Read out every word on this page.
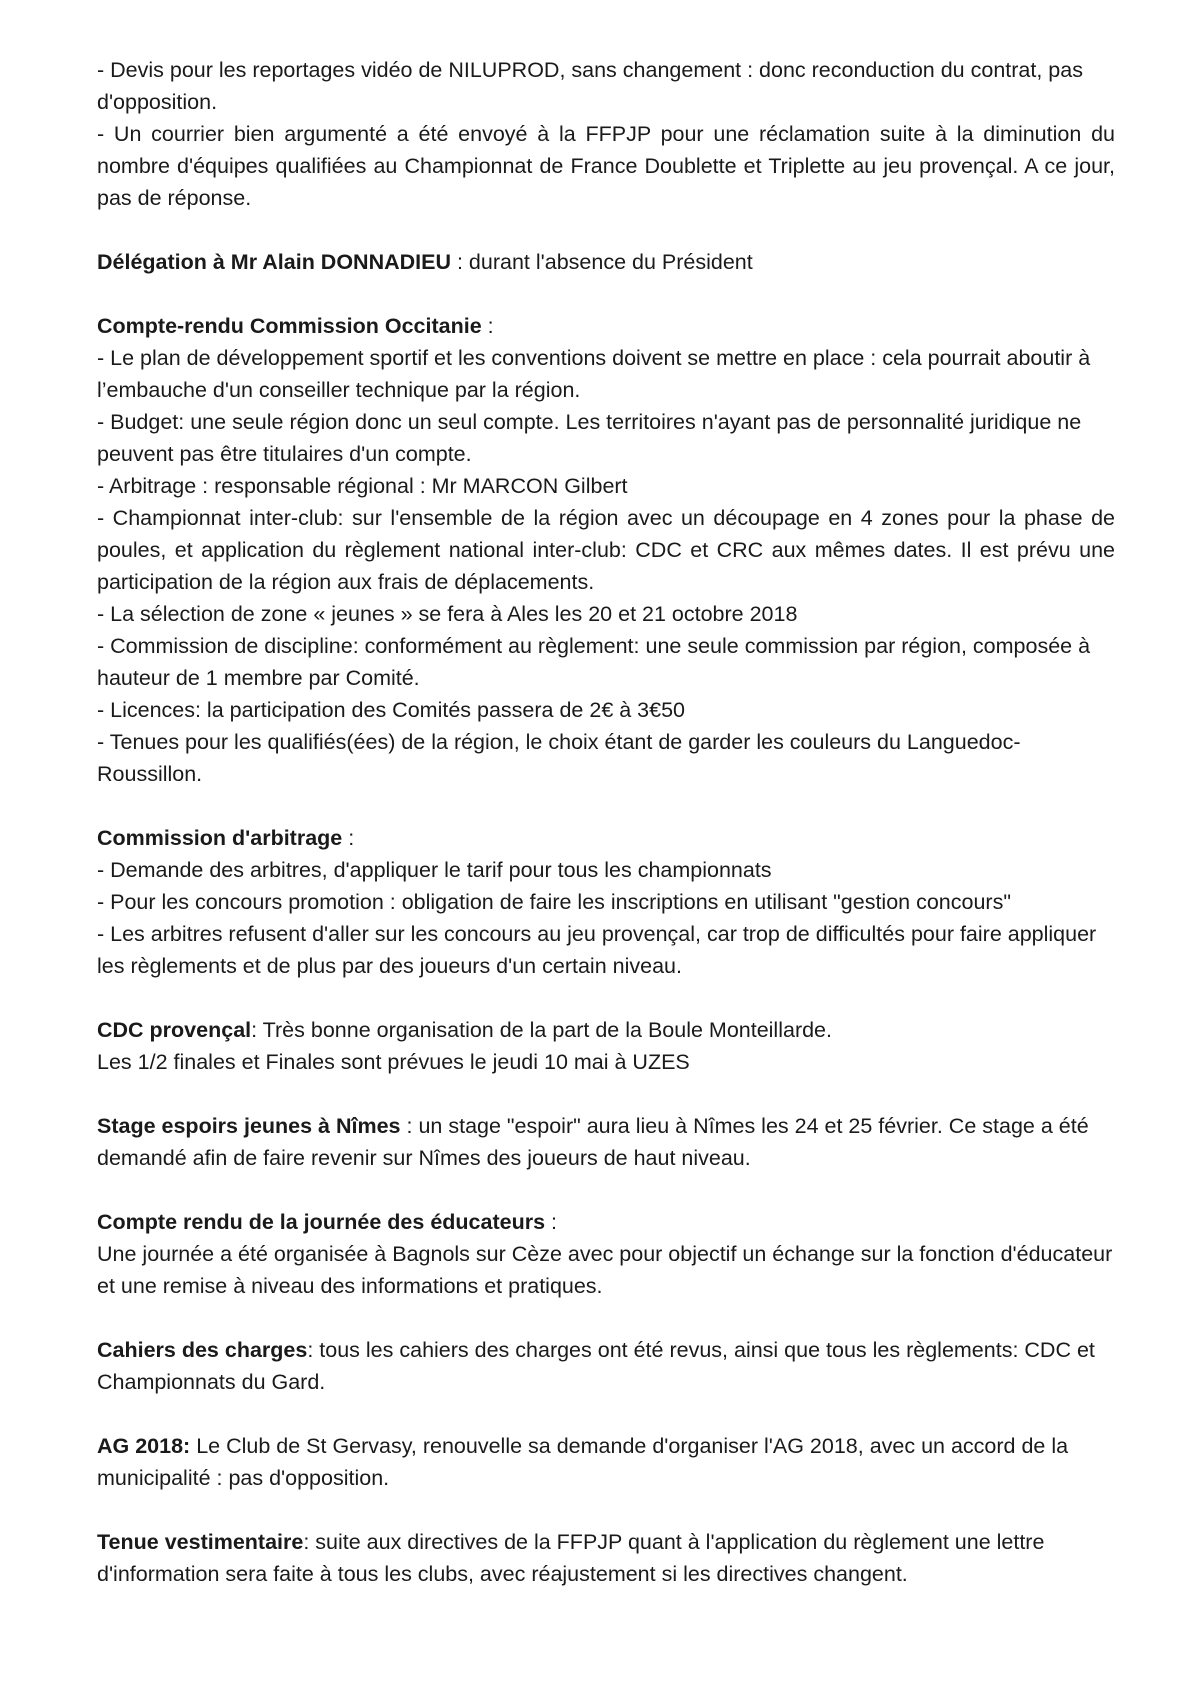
- Devis pour les reportages vidéo de NILUPROD, sans changement : donc reconduction du contrat, pas d'opposition.
- Un courrier bien argumenté a été envoyé à la FFPJP pour une réclamation suite à la diminution du nombre d'équipes qualifiées au Championnat de France Doublette et Triplette au jeu provençal. A ce jour, pas de réponse.
Délégation à Mr Alain DONNADIEU : durant l'absence du Président
Compte-rendu Commission Occitanie :
- Le plan de développement sportif et les conventions doivent se mettre en place : cela pourrait aboutir à l’embauche d'un conseiller technique par la région.
- Budget: une seule région donc un seul compte. Les territoires n'ayant pas de personnalité juridique ne peuvent pas être titulaires d'un compte.
- Arbitrage : responsable régional : Mr MARCON Gilbert
- Championnat inter-club: sur l'ensemble de la région avec un découpage en 4 zones pour la phase de poules, et application du règlement national inter-club: CDC et CRC aux mêmes dates. Il est prévu une participation de la région aux frais de déplacements.
- La sélection de zone « jeunes » se fera à Ales les 20 et 21 octobre 2018
- Commission de discipline: conformément au règlement: une seule commission par région, composée à hauteur de 1 membre par Comité.
- Licences: la participation des Comités passera de 2€ à 3€50
- Tenues pour les qualifiés(ées) de la région, le choix étant de garder les couleurs du Languedoc-Roussillon.
Commission d'arbitrage :
- Demande des arbitres, d'appliquer le tarif pour tous les championnats
- Pour les concours promotion : obligation de faire les inscriptions en utilisant "gestion concours"
- Les arbitres refusent d'aller sur les concours au jeu provençal, car trop de difficultés pour faire appliquer les règlements et de plus par des joueurs d'un certain niveau.
CDC provençal: Très bonne organisation de la part de la Boule Monteillarde.
Les 1/2 finales et Finales sont prévues le jeudi 10 mai à UZES
Stage espoirs jeunes à Nîmes : un stage "espoir" aura lieu à Nîmes les 24 et 25 février. Ce stage a été demandé afin de faire revenir sur Nîmes des joueurs de haut niveau.
Compte rendu de la journée des éducateurs :
Une journée a été organisée à Bagnols sur Cèze avec pour objectif un échange sur la fonction d'éducateur et une remise à niveau des informations et pratiques.
Cahiers des charges: tous les cahiers des charges ont été revus, ainsi que tous les règlements: CDC et Championnats du Gard.
AG 2018: Le Club de St Gervasy, renouvelle sa demande d'organiser l'AG 2018, avec un accord de la municipalité : pas d'opposition.
Tenue vestimentaire: suite aux directives de la FFPJP quant à l'application du règlement une lettre d'information sera faite à tous les clubs, avec réajustement si les directives changent.
